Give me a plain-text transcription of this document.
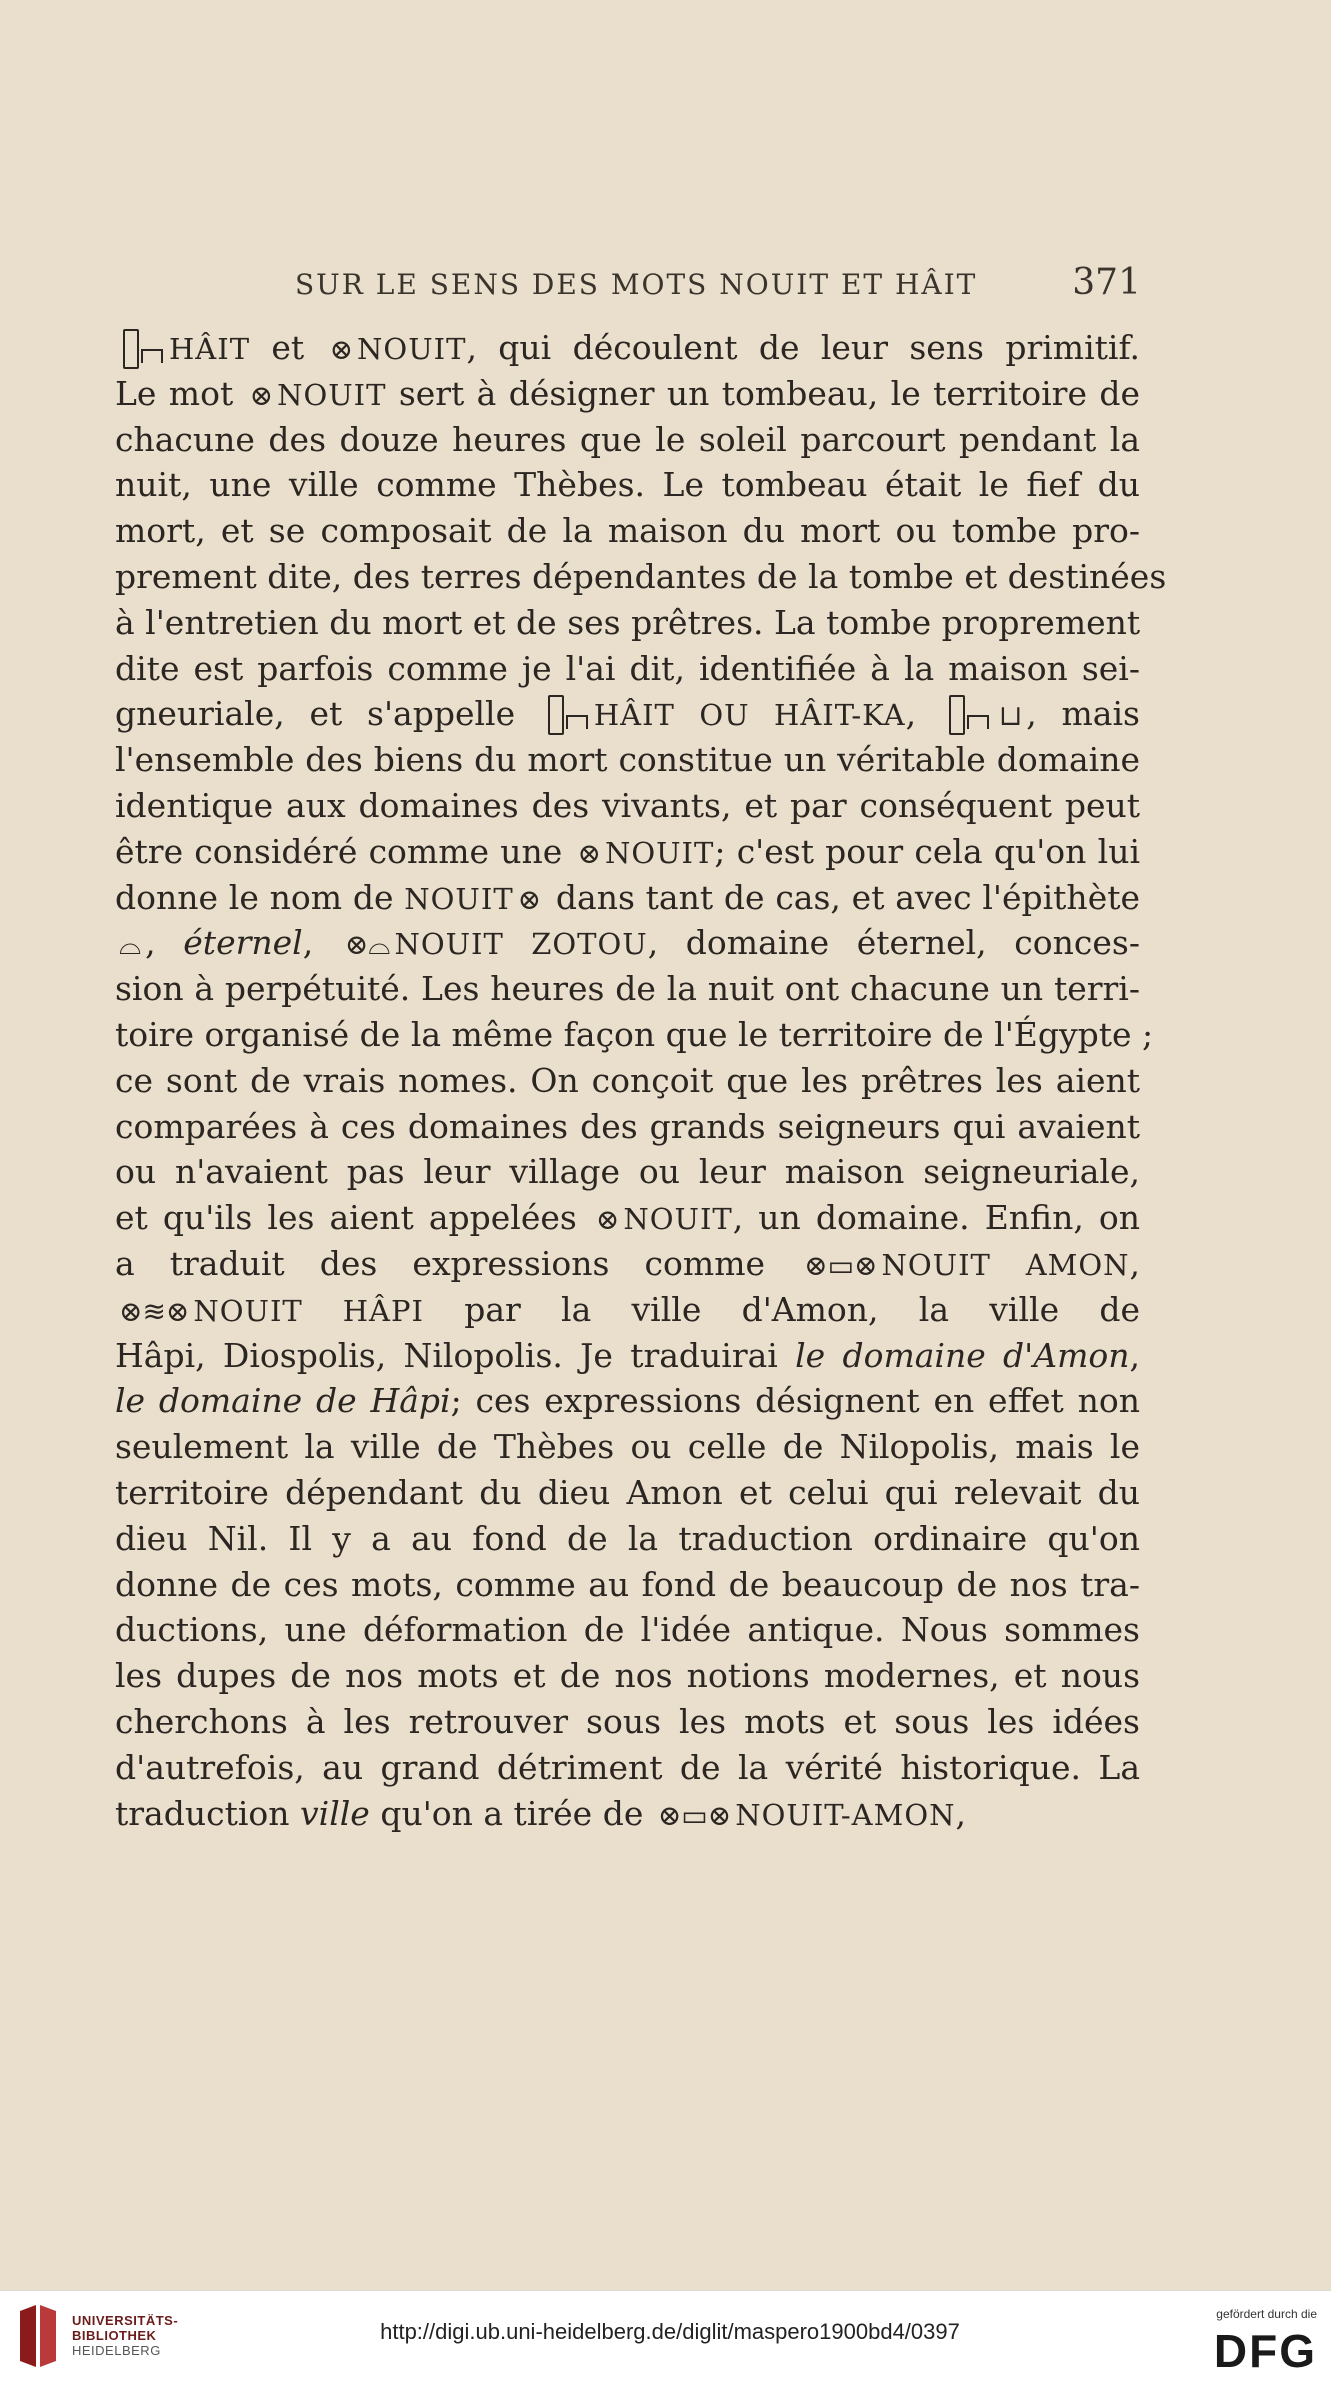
SUR LE SENS DES MOTS NOUIT ET HÂIT	371
HÂIT et ⊗ NOUIT, qui découlent de leur sens primitif.
Le mot ⊗ NOUIT sert à désigner un tombeau, le territoire de
chacune des douze heures que le soleil parcourt pendant la
nuit, une ville comme Thèbes. Le tombeau était le fief du
mort, et se composait de la maison du mort ou tombe pro-
prement dite, des terres dépendantes de la tombe et destinées
à l'entretien du mort et de ses prêtres. La tombe proprement
dite est parfois comme je l'ai dit, identifiée à la maison sei-
gneuriale, et s'appelle HÂIT OU HÂIT-KA, ⊔ , mais
l'ensemble des biens du mort constitue un véritable domaine
identique aux domaines des vivants, et par conséquent peut
être considéré comme une ⊗ NOUIT; c'est pour cela qu'on lui
donne le nom de NOUIT ⊗ dans tant de cas, et avec l'épithète
⌓ , éternel, ⊗⌓ NOUIT ZOTOU, domaine éternel, conces-
sion à perpétuité. Les heures de la nuit ont chacune un terri-
toire organisé de la même façon que le territoire de l'Égypte ;
ce sont de vrais nomes. On conçoit que les prêtres les aient
comparées à ces domaines des grands seigneurs qui avaient
ou n'avaient pas leur village ou leur maison seigneuriale,
et qu'ils les aient appelées ⊗ NOUIT, un domaine. Enfin, on
a traduit des expressions comme ⊗▭⊗ NOUIT AMON,
⊗≋⊗ NOUIT HÂPI par la ville d'Amon, la ville de
Hâpi, Diospolis, Nilopolis. Je traduirai le domaine d'Amon,
le domaine de Hâpi; ces expressions désignent en effet non
seulement la ville de Thèbes ou celle de Nilopolis, mais le
territoire dépendant du dieu Amon et celui qui relevait du
dieu Nil. Il y a au fond de la traduction ordinaire qu'on
donne de ces mots, comme au fond de beaucoup de nos tra-
ductions, une déformation de l'idée antique. Nous sommes
les dupes de nos mots et de nos notions modernes, et nous
cherchons à les retrouver sous les mots et sous les idées
d'autrefois, au grand détriment de la vérité historique. La
traduction ville qu'on a tirée de ⊗▭⊗ NOUIT-AMON,
UNIVERSITÄTS-
BIBLIOTHEK
HEIDELBERG
http://digi.ub.uni-heidelberg.de/diglit/maspero1900bd4/0397
gefördert durch die
DFG
